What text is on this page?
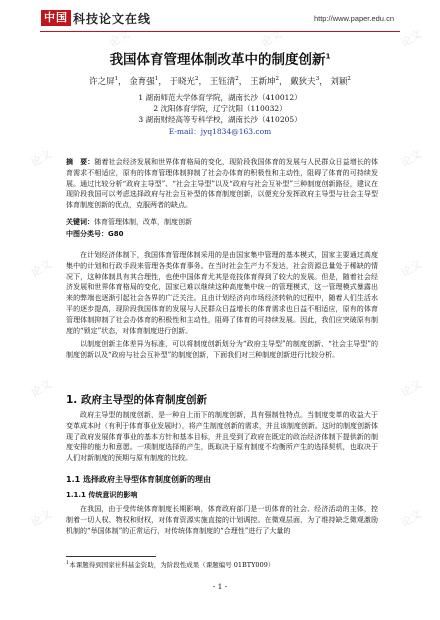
论文	论文	论文
论文	论文
论文	论文
论文	论文
论文	论文
中国 科技论文在线	http://www.paper.edu.cn
我国体育管理体制改革中的制度创新$^1$
许之屏$^1$， 金育强$^1$， 于晓光$^2$， 王钰清$^2$， 王新坤$^2$， 戴狄夫$^3$， 刘颖$^2$
1 湖南师范大学体育学院，湖南长沙（410012）
2 沈阳体育学院，辽宁沈阳（110032）
3 湖南财经高等专科学校，湖南长沙（410205）
E-mail：jyq1834@163.com
摘　要：随着社会经济发展和世界体育格局的变化，现阶段我国体育的发展与人民群众日益增长的体育需求不相适应，原有的体育管理体制抑制了社会办体育的积极性和主动性，阻碍了体育的可持续发展。通过比较分析“政府主导型”、“社会主导型”以及“政府与社会互补型”三种制度创新路径，建议在现阶段我国可以考虑选择政府与社会互补型的体育制度创新，以便充分发挥政府主导型与社会主导型体育制度创新的优点，克服两者的缺点。
关键词：体育管理体制，改革，制度创新
中图分类号：G80

在计划经济体制下，我国体育管理体制采用的是由国家集中管理的基本模式，国家主要通过高度集中的计划和行政手段来管理各类体育事务。在当时社会生产力不发达，社会资源总量处于稀缺的情况下，这种体制具有其合理性，也使中国体育尤其是竞技体育得到了较大的发展。但是，随着社会经济发展和世界体育格局的变化，国家已难以继续这种高度集中统一的管理模式，这一管理模式暴露出来的弊端也逐渐引起社会各界的广泛关注。且由计划经济向市场经济转轨的过程中，随着人们生活水平的逐步提高，现阶段我国体育的发展与人民群众日益增长的体育需求也日益不相适应，原有的体育管理体制抑制了社会办体育的积极性和主动性，阻碍了体育的可持续发展。因此，我们应突破原有制度的“锁定”状态，对体育制度进行创新。

以制度创新主体差异为标准，可以将制度创新划分为“政府主导型”的制度创新、“社会主导型”的制度创新以及“政府与社会互补型”的制度创新，下面我们对三种制度创新进行比较分析。

1. 政府主导型的体育制度创新

政府主导型的制度创新，是一种自上而下的制度创新，具有强制性特点。当制度变革的收益大于变革成本时（有利于体育事业发展时），将产生制度创新的需求，并且该制度创新。这时的制度创新体现了政府发展体育事业的基本方针和基本目标，并且受到了政府在既定的政治经济体制下提供新的制度安排的能力和意愿。一项制度选择的产生，既取决于原有制度不均衡所产生的选择契机，也取决于人们对新制度的预期与原有制度的比较。

1.1 选择政府主导型体育制度创新的理由
1.1.1 传统意识的影响

在我国，由于受传统体育制度长期影响，体育政府部门是一切体育的社会、经济活动的主体，控制着一切人权、物权和财权，对体育资源实施直接的计划调控。在微观层面，为了维持缺乏微观激励机制的“举国体制”的正常运行，对传统体育制度的“合理性”进行了大量的

$^1$本课题得到国家社科基金资助，为阶段性成果（课题编号 01BTY009）
- 1 -
